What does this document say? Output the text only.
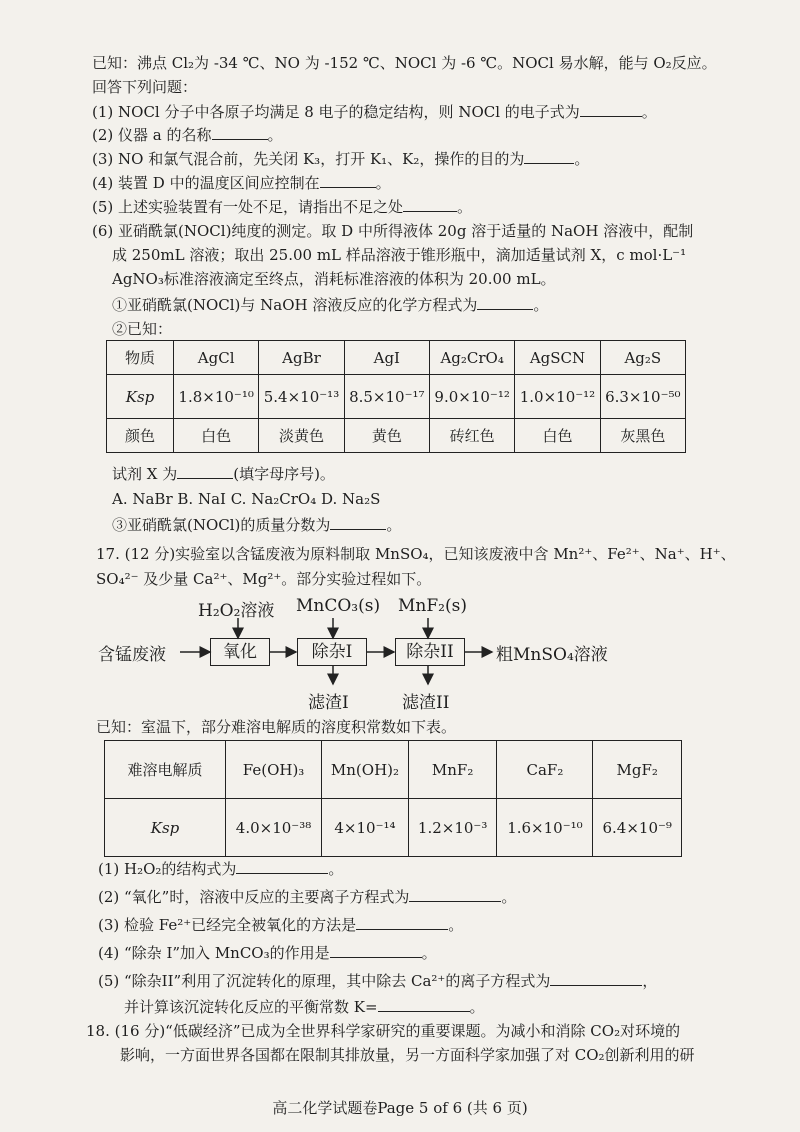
已知：沸点 Cl₂为 -34 ℃、NO 为 -152 ℃、NOCl 为 -6 ℃。NOCl 易水解，能与 O₂反应。
回答下列问题：
(1) NOCl 分子中各原子均满足 8 电子的稳定结构，则 NOCl 的电子式为	。
(2) 仪器 a 的名称	。
(3) NO 和氯气混合前，先关闭 K₃，打开 K₁、K₂，操作的目的为	。
(4) 装置 D 中的温度区间应控制在	。
(5) 上述实验装置有一处不足，请指出不足之处	。
(6) 亚硝酰氯(NOCl)纯度的测定。取 D 中所得液体 20g 溶于适量的 NaOH 溶液中，配制
成 250mL 溶液；取出 25.00 mL 样品溶液于锥形瓶中，滴加适量试剂 X，c mol·L⁻¹
AgNO₃标准溶液滴定至终点，消耗标准溶液的体积为 20.00 mL。
①亚硝酰氯(NOCl)与 NaOH 溶液反应的化学方程式为	。
②已知：
物质	AgCl	AgBr	AgI	Ag₂CrO₄	AgSCN	Ag₂S
Ksp	1.8×10⁻¹⁰	5.4×10⁻¹³	8.5×10⁻¹⁷	9.0×10⁻¹²	1.0×10⁻¹²	6.3×10⁻⁵⁰
颜色	白色	淡黄色	黄色	砖红色	白色	灰黑色
试剂 X 为	(填字母序号)。
A. NaBr B. NaI C. Na₂CrO₄ D. Na₂S
③亚硝酰氯(NOCl)的质量分数为	。
17. (12 分)实验室以含锰废液为原料制取 MnSO₄，已知该废液中含 Mn²⁺、Fe²⁺、Na⁺、H⁺、
SO₄²⁻ 及少量 Ca²⁺、Mg²⁺。部分实验过程如下。
含锰废液	氧化	除杂I	除杂II	粗MnSO₄溶液
H₂O₂溶液 MnCO₃(s) MnF₂(s)
滤渣I	滤渣II
已知：室温下，部分难溶电解质的溶度积常数如下表。
难溶电解质	Fe(OH)₃	Mn(OH)₂	MnF₂	CaF₂	MgF₂
Ksp	4.0×10⁻³⁸	4×10⁻¹⁴	1.2×10⁻³	1.6×10⁻¹⁰	6.4×10⁻⁹
(1) H₂O₂的结构式为	。
(2) “氧化”时，溶液中反应的主要离子方程式为	。
(3) 检验 Fe²⁺已经完全被氧化的方法是	。
(4) “除杂 I”加入 MnCO₃的作用是	。
(5) “除杂II”利用了沉淀转化的原理，其中除去 Ca²⁺的离子方程式为	，
并计算该沉淀转化反应的平衡常数 K=	。
18. (16 分)“低碳经济”已成为全世界科学家研究的重要课题。为减小和消除 CO₂对环境的
影响，一方面世界各国都在限制其排放量，另一方面科学家加强了对 CO₂创新利用的研
高二化学试题卷Page 5 of 6 (共 6 页)
